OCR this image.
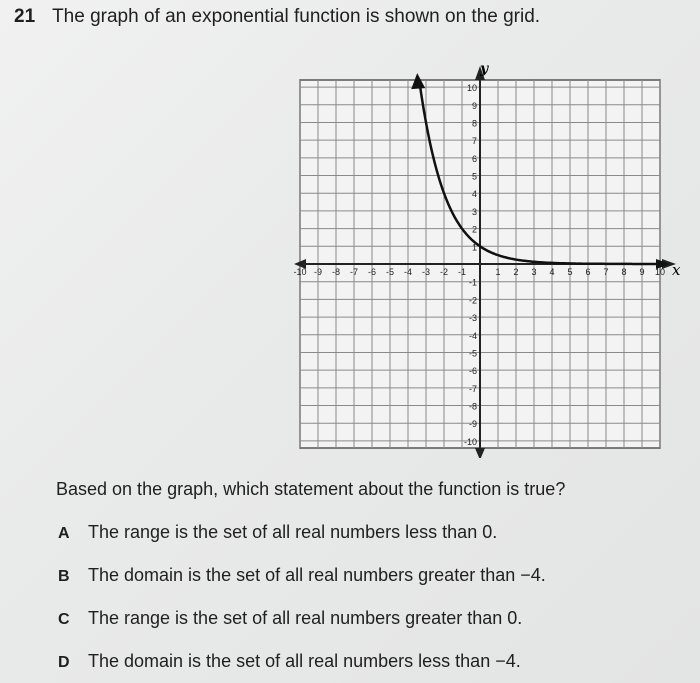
21 The graph of an exponential function is shown on the grid.
-10 -9 -8 -7 -6 -5 -4 -3 -2 -1	1 2 3 4 5 6 7 8 9 10
1
2
3
4
5
6
7
8
9
10
-1
-2
-3
-4
-5
-6
-7
-8
-9
-10
x
y
Based on the graph, which statement about the function is true?
A The range is the set of all real numbers less than 0.
B The domain is the set of all real numbers greater than −4.
C The range is the set of all real numbers greater than 0.
D The domain is the set of all real numbers less than −4.
